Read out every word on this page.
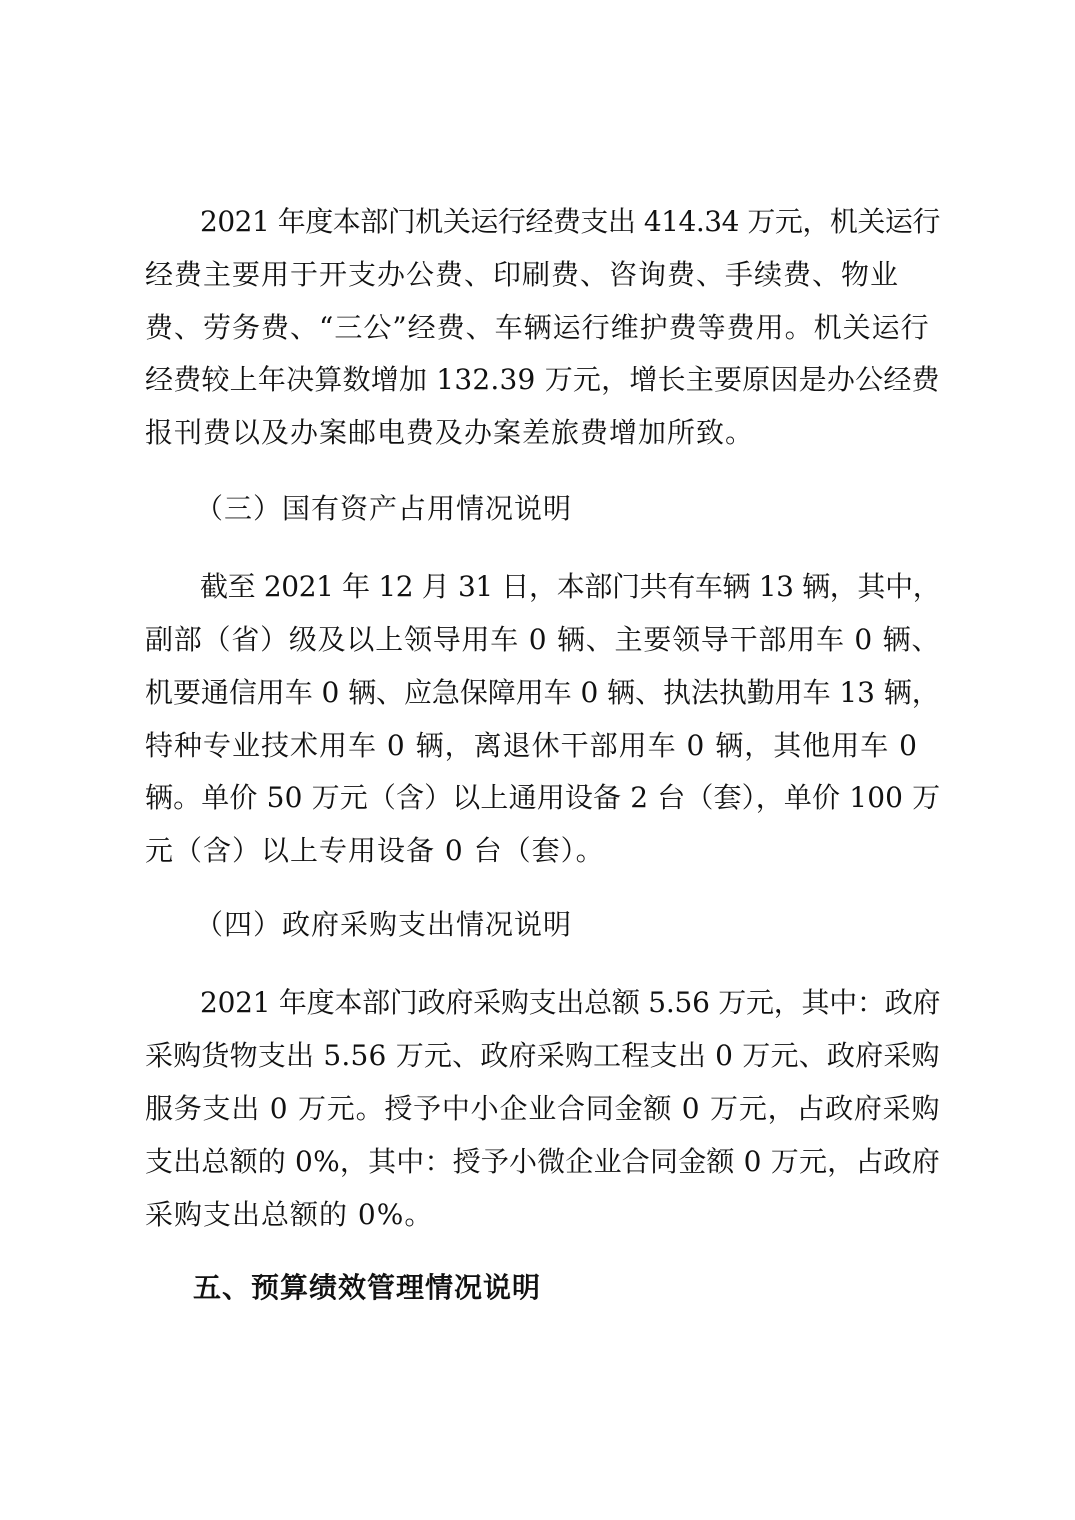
2021 年度本部门机关运行经费支出 414.34 万元，机关运行
经费主要用于开支办公费、印刷费、咨询费、手续费、物业
费、劳务费、“三公”经费、车辆运行维护费等费用。机关运行
经费较上年决算数增加 132.39 万元，增长主要原因是办公经费
报刊费以及办案邮电费及办案差旅费增加所致。
（三）国有资产占用情况说明
截至 2021 年 12 月 31 日，本部门共有车辆 13 辆，其中，
副部（省）级及以上领导用车 0 辆、主要领导干部用车 0 辆、
机要通信用车 0 辆、应急保障用车 0 辆、执法执勤用车 13 辆，
特种专业技术用车 0 辆，离退休干部用车 0 辆，其他用车 0
辆。单价 50 万元（含）以上通用设备 2 台（套），单价 100 万
元（含）以上专用设备 0 台（套）。
（四）政府采购支出情况说明
2021 年度本部门政府采购支出总额 5.56 万元，其中：政府
采购货物支出 5.56 万元、政府采购工程支出 0 万元、政府采购
服务支出 0 万元。授予中小企业合同金额 0 万元，占政府采购
支出总额的 0%，其中：授予小微企业合同金额 0 万元，占政府
采购支出总额的 0%。
五、预算绩效管理情况说明
